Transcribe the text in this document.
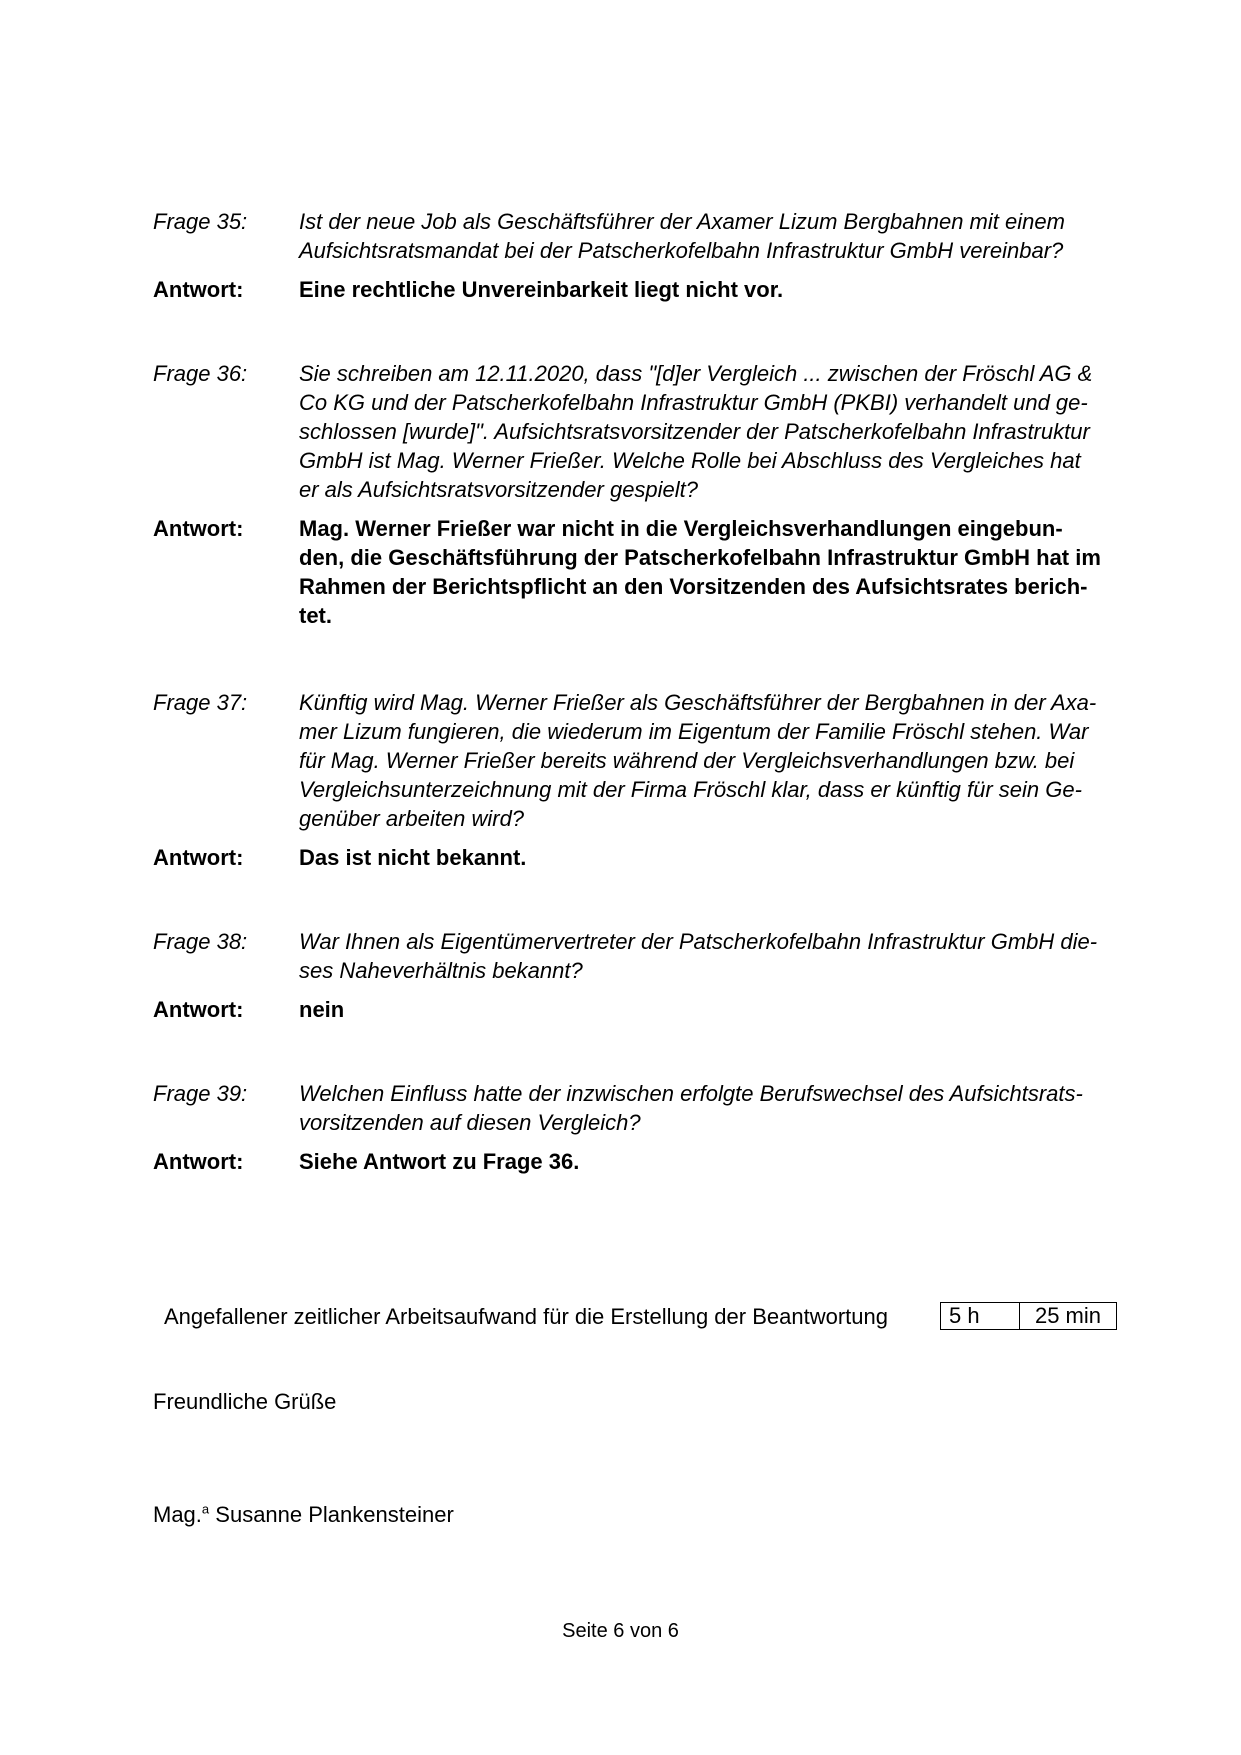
Frage 35:	Ist der neue Job als Geschäftsführer der Axamer Lizum Bergbahnen mit einem
Aufsichtsratsmandat bei der Patscherkofelbahn Infrastruktur GmbH vereinbar?
Antwort:	Eine rechtliche Unvereinbarkeit liegt nicht vor.
Frage 36:	Sie schreiben am 12.11.2020, dass "[d]er Vergleich ... zwischen der Fröschl AG &
Co KG und der Patscherkofelbahn Infrastruktur GmbH (PKBI) verhandelt und ge-
schlossen [wurde]". Aufsichtsratsvorsitzender der Patscherkofelbahn Infrastruktur
GmbH ist Mag. Werner Frießer. Welche Rolle bei Abschluss des Vergleiches hat
er als Aufsichtsratsvorsitzender gespielt?
Antwort:	Mag. Werner Frießer war nicht in die Vergleichsverhandlungen eingebun-
den, die Geschäftsführung der Patscherkofelbahn Infrastruktur GmbH hat im
Rahmen der Berichtspflicht an den Vorsitzenden des Aufsichtsrates berich-
tet.
Frage 37:	Künftig wird Mag. Werner Frießer als Geschäftsführer der Bergbahnen in der Axa-
mer Lizum fungieren, die wiederum im Eigentum der Familie Fröschl stehen. War
für Mag. Werner Frießer bereits während der Vergleichsverhandlungen bzw. bei
Vergleichsunterzeichnung mit der Firma Fröschl klar, dass er künftig für sein Ge-
genüber arbeiten wird?
Antwort:	Das ist nicht bekannt.
Frage 38:	War Ihnen als Eigentümervertreter der Patscherkofelbahn Infrastruktur GmbH die-
ses Naheverhältnis bekannt?
Antwort:	nein
Frage 39:	Welchen Einfluss hatte der inzwischen erfolgte Berufswechsel des Aufsichtsrats-
vorsitzenden auf diesen Vergleich?
Antwort:	Siehe Antwort zu Frage 36.
Angefallener zeitlicher Arbeitsaufwand für die Erstellung der Beantwortung	5 h	25 min
Freundliche Grüße
Mag.$^a$ Susanne Plankensteiner
Seite 6 von 6
